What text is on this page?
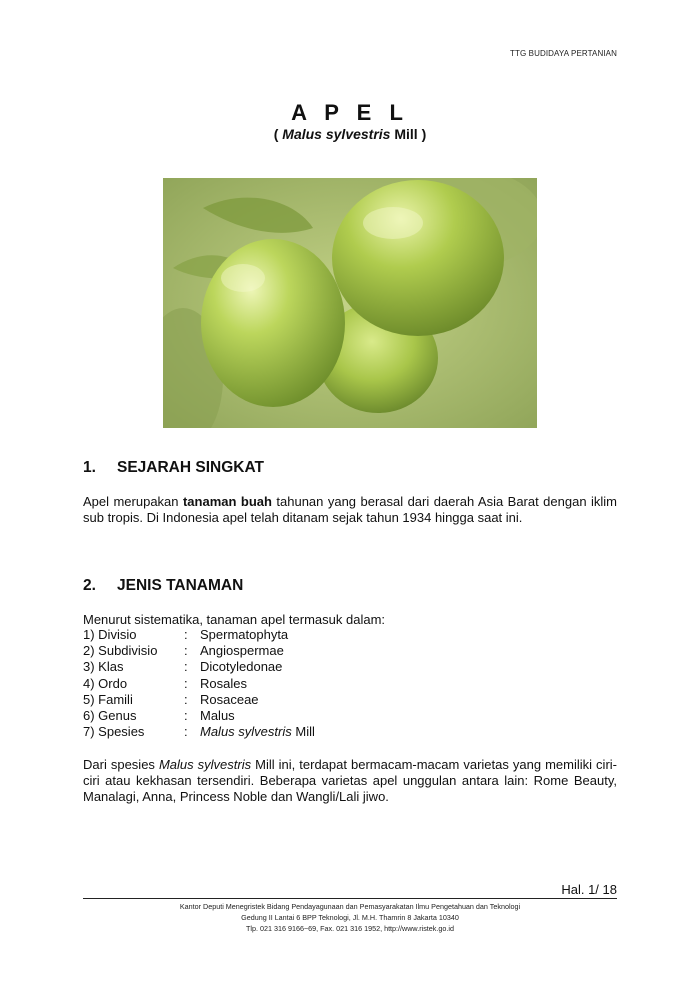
TTG BUDIDAYA PERTANIAN
A P E L
( Malus sylvestris Mill )
1. SEJARAH SINGKAT
Apel merupakan tanaman buah tahunan yang berasal dari daerah Asia Barat dengan iklim sub tropis. Di Indonesia apel telah ditanam sejak tahun 1934 hingga saat ini.
2. JENIS TANAMAN
Menurut sistematika, tanaman apel termasuk dalam:
1) Divisio	: Spermatophyta
2) Subdivisio	: Angiospermae
3) Klas	: Dicotyledonae
4) Ordo	: Rosales
5) Famili	: Rosaceae
6) Genus	: Malus
7) Spesies	: Malus sylvestris Mill
Dari spesies Malus sylvestris Mill ini, terdapat bermacam-macam varietas yang memiliki ciri-ciri atau kekhasan tersendiri. Beberapa varietas apel unggulan antara lain: Rome Beauty, Manalagi, Anna, Princess Noble dan Wangli/Lali jiwo.
Hal. 1/ 18
Kantor Deputi Menegristek Bidang Pendayagunaan dan Pemasyarakatan Ilmu Pengetahuan dan Teknologi
Gedung II Lantai 6 BPP Teknologi, Jl. M.H. Thamrin 8 Jakarta 10340
Tlp. 021 316 9166~69, Fax. 021 316 1952, http://www.ristek.go.id
